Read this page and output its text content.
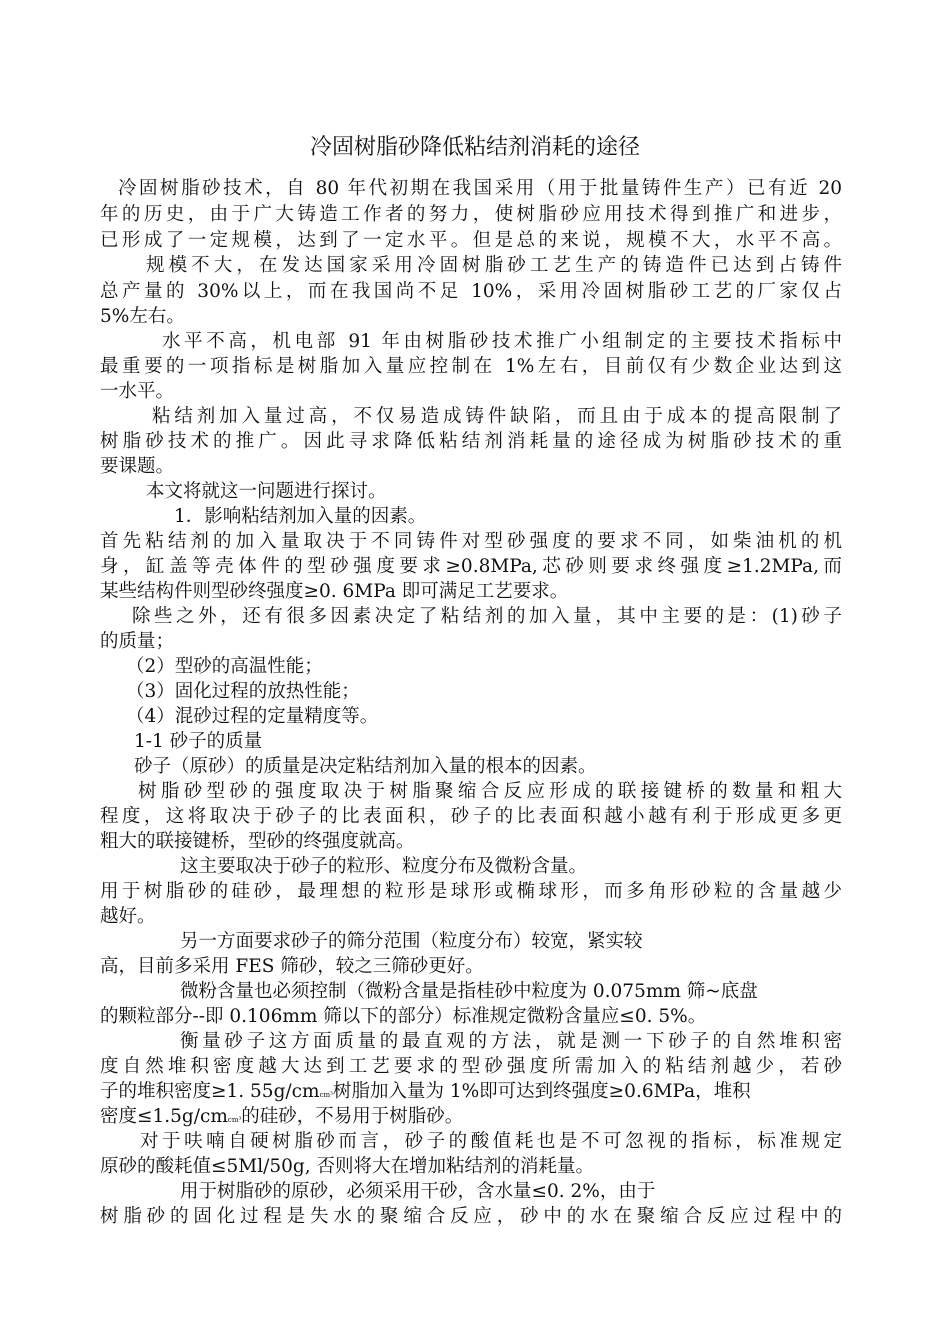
冷固树脂砂降低粘结剂消耗的途径
冷固树脂砂技术，自 80 年代初期在我国采用（用于批量铸件生产）已有近 20
年的历史，由于广大铸造工作者的努力，使树脂砂应用技术得到推广和进步，
已形成了一定规模，达到了一定水平。但是总的来说，规模不大，水平不高。
规模不大，在发达国家采用冷固树脂砂工艺生产的铸造件已达到占铸件
总产量的 30%以上，而在我国尚不足 10%，采用冷固树脂砂工艺的厂家仅占
5%左右。
水平不高，机电部 91 年由树脂砂技术推广小组制定的主要技术指标中
最重要的一项指标是树脂加入量应控制在 1%左右，目前仅有少数企业达到这
一水平。
粘结剂加入量过高，不仅易造成铸件缺陷，而且由于成本的提高限制了
树脂砂技术的推广。因此寻求降低粘结剂消耗量的途径成为树脂砂技术的重
要课题。
本文将就这一问题进行探讨。
1．影响粘结剂加入量的因素。
首先粘结剂的加入量取决于不同铸件对型砂强度的要求不同，如柴油机的机
身，缸盖等壳体件的型砂强度要求≥0.8MPa,芯砂则要求终强度≥1.2MPa,而
某些结构件则型砂终强度≥0. 6MPa 即可满足工艺要求。
除些之外，还有很多因素决定了粘结剂的加入量，其中主要的是：(1)砂子
的质量；
（2）型砂的高温性能；
（3）固化过程的放热性能；
（4）混砂过程的定量精度等。
1-1 砂子的质量
砂子（原砂）的质量是决定粘结剂加入量的根本的因素。
树脂砂型砂的强度取决于树脂聚缩合反应形成的联接键桥的数量和粗大
程度，这将取决于砂子的比表面积，砂子的比表面积越小越有利于形成更多更
粗大的联接键桥，型砂的终强度就高。
这主要取决于砂子的粒形、粒度分布及微粉含量。
用于树脂砂的硅砂，最理想的粒形是球形或椭球形，而多角形砂粒的含量越少
越好。
另一方面要求砂子的筛分范围（粒度分布）较宽，紧实较
高，目前多采用 FES 筛砂，较之三筛砂更好。
微粉含量也必须控制（微粉含量是指桂砂中粒度为 0.075mm 筛~底盘
的颗粒部分--即 0.106mm 筛以下的部分）标准规定微粉含量应≤0. 5%。
衡量砂子这方面质量的最直观的方法，就是测一下砂子的自然堆积密
度自然堆积密度越大达到工艺要求的型砂强度所需加入的粘结剂越少，若砂
子的堆积密度≥1. 55g/cmcm³树脂加入量为 1%即可达到终强度≥0.6MPa，堆积
密度≤1.5g/cmcm³的硅砂，不易用于树脂砂。
对于呋喃自硬树脂砂而言，砂子的酸值耗也是不可忽视的指标，标准规定
原砂的酸耗值≤5Ml/50g, 否则将大在增加粘结剂的消耗量。
用于树脂砂的原砂，必须采用干砂，含水量≤0. 2%，由于
树脂砂的固化过程是失水的聚缩合反应，砂中的水在聚缩合反应过程中的
